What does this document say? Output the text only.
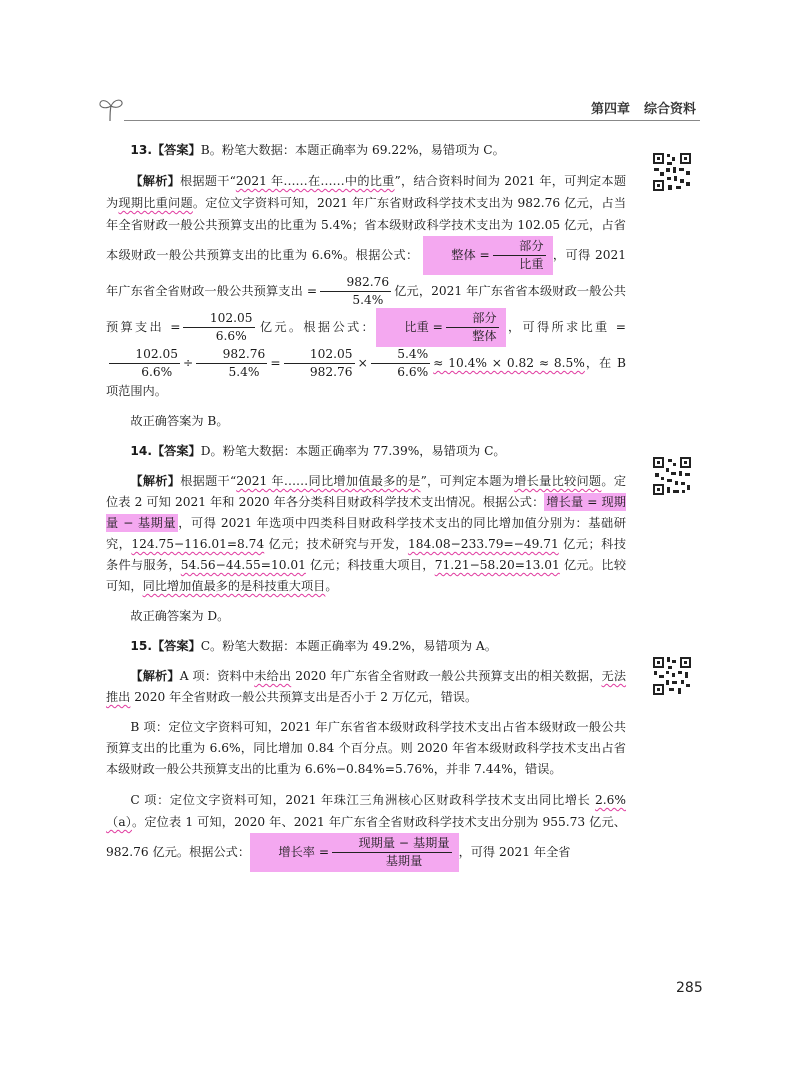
第四章 综合资料

13.【答案】B。粉笔大数据：本题正确率为 69.22%，易错项为 C。

【解析】根据题干“2021 年……在……中的比重”，结合资料时间为 2021 年，可判定本题为现期比重问题。定位文字资料可知，2021 年广东省财政科学技术支出为 982.76 亿元，占当年全省财政一般公共预算支出的比重为 5.4%；省本级财政科学技术支出为 102.05 亿元，占省本级财政一般公共预算支出的比重为 6.6%。根据公式：	整体 = $\frac{\text{部分}}{\text{比重}}$ ，可得 2021 年广东省全省财政一般公共预算支出 = $\frac{982.76}{5.4\%}$ 亿元，2021 年广东省省本级财政一般公共预算支出 = $\frac{102.05}{6.6\%}$ 亿元。根据公式： 比重 = $\frac{\text{部分}}{\text{整体}}$ ，可得所求比重 =
$\frac{102.05}{6.6\%} \div \frac{982.76}{5.4\%} = \frac{102.05}{982.76} \times \frac{5.4\%}{6.6\%} \approx 10.4\% \times 0.82 \approx 8.5\%$，在 B 项范围内。

故正确答案为 B。

14.【答案】D。粉笔大数据：本题正确率为 77.39%，易错项为 C。

【解析】根据题干“2021 年……同比增加值最多的是”，可判定本题为增长量比较问题。定位表 2 可知 2021 年和 2020 年各分类科目财政科学技术支出情况。根据公式： 增长量 = 现期量 − 基期量 ，可得 2021 年选项中四类科目财政科学技术支出的同比增加值分别为：基础研究，124.75−116.01=8.74 亿元；技术研究与开发，184.08−233.79=−49.71 亿元；科技条件与服务，54.56−44.55=10.01 亿元；科技重大项目，71.21−58.20=13.01 亿元。比较可知，同比增加值最多的是科技重大项目。

故正确答案为 D。

15.【答案】C。粉笔大数据：本题正确率为 49.2%，易错项为 A。

【解析】A 项：资料中未给出 2020 年广东省全省财政一般公共预算支出的相关数据，无法推出 2020 年全省财政一般公共预算支出是否小于 2 万亿元，错误。

B 项：定位文字资料可知，2021 年广东省省本级财政科学技术支出占省本级财政一般公共预算支出的比重为 6.6%，同比增加 0.84 个百分点。则 2020 年省本级财政科学技术支出占省本级财政一般公共预算支出的比重为 6.6%−0.84%=5.76%，并非 7.44%，错误。

C 项：定位文字资料可知，2021 年珠江三角洲核心区财政科学技术支出同比增长 2.6%（a）。定位表 1 可知，2020 年、2021 年广东省全省财政科学技术支出分别为 955.73 亿元、982.76 亿元。根据公式： 增长率 = $\frac{\text{现期量 − 基期量}}{\text{基期量}}$ ，可得 2021 年全省

285
